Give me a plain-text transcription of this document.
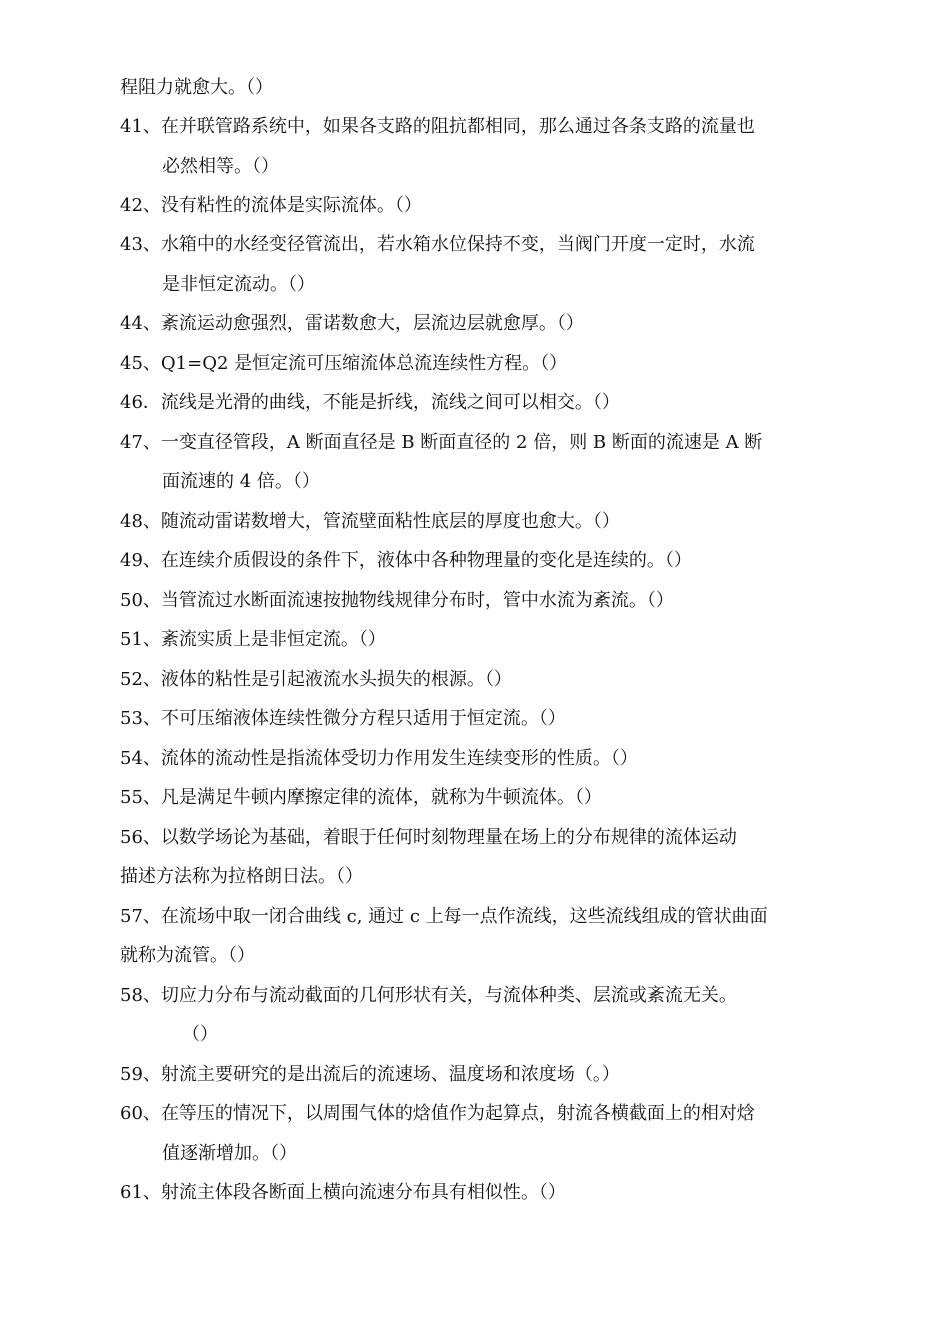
程阻力就愈大。（）
41、在并联管路系统中，如果各支路的阻抗都相同，那么通过各条支路的流量也
必然相等。（）
42、没有粘性的流体是实际流体。（）
43、水箱中的水经变径管流出，若水箱水位保持不变，当阀门开度一定时，水流
是非恒定流动。（）
44、紊流运动愈强烈，雷诺数愈大，层流边层就愈厚。（）
45、Q1=Q2 是恒定流可压缩流体总流连续性方程。（）
46．流线是光滑的曲线，不能是折线，流线之间可以相交。（）
47、一变直径管段，A 断面直径是 B 断面直径的 2 倍，则 B 断面的流速是 A 断
面流速的 4 倍。（）
48、随流动雷诺数增大，管流壁面粘性底层的厚度也愈大。（）
49、在连续介质假设的条件下，液体中各种物理量的变化是连续的。（）
50、当管流过水断面流速按抛物线规律分布时，管中水流为紊流。（）
51、紊流实质上是非恒定流。（）
52、液体的粘性是引起液流水头损失的根源。（）
53、不可压缩液体连续性微分方程只适用于恒定流。（）
54、流体的流动性是指流体受切力作用发生连续变形的性质。（）
55、凡是满足牛顿内摩擦定律的流体，就称为牛顿流体。（）
56、以数学场论为基础，着眼于任何时刻物理量在场上的分布规律的流体运动
描述方法称为拉格朗日法。（）
57、在流场中取一闭合曲线 c, 通过 c 上每一点作流线，这些流线组成的管状曲面
就称为流管。（）
58、切应力分布与流动截面的几何形状有关，与流体种类、层流或紊流无关。
（）
59、射流主要研究的是出流后的流速场、温度场和浓度场（。）
60、在等压的情况下，以周围气体的焓值作为起算点，射流各横截面上的相对焓
值逐渐增加。（）
61、射流主体段各断面上横向流速分布具有相似性。（）
